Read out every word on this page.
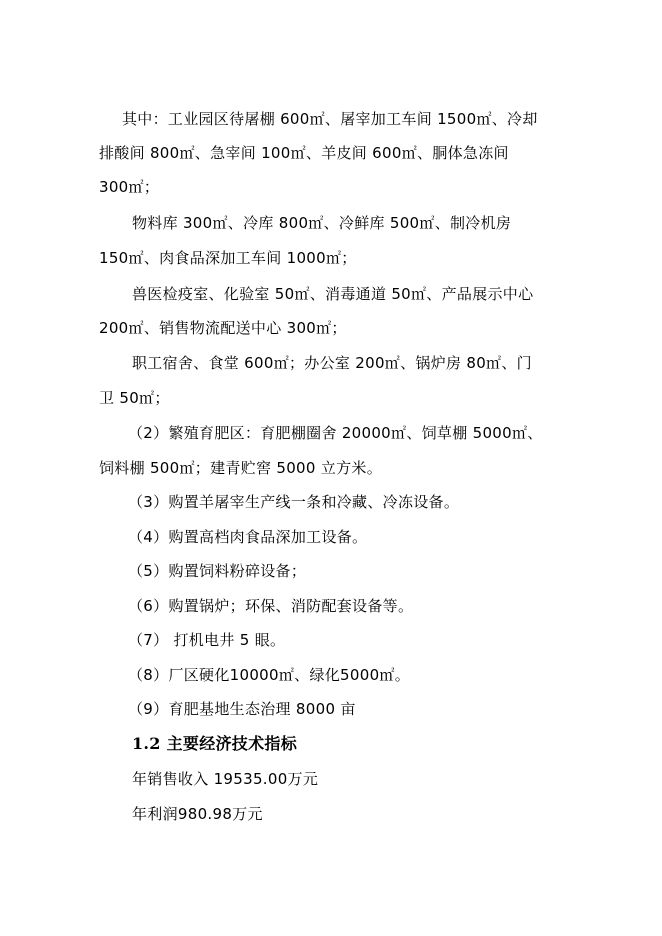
其中：工业园区待屠棚 600㎡、屠宰加工车间 1500㎡、冷却
排酸间 800㎡、急宰间 100㎡、羊皮间 600㎡、胴体急冻间
300㎡；
物料库 300㎡、冷库 800㎡、冷鲜库 500㎡、制冷机房
150㎡、肉食品深加工车间 1000㎡；
兽医检疫室、化验室 50㎡、消毒通道 50㎡、产品展示中心
200㎡、销售物流配送中心 300㎡；
职工宿舍、食堂 600㎡；办公室 200㎡、锅炉房 80㎡、门
卫 50㎡；
（2）繁殖育肥区：育肥棚圈舍 20000㎡、饲草棚 5000㎡、
饲料棚 500㎡；建青贮窖 5000 立方米。
（3）购置羊屠宰生产线一条和冷藏、冷冻设备。
（4）购置高档肉食品深加工设备。
（5）购置饲料粉碎设备；
（6）购置锅炉；环保、消防配套设备等。
（7） 打机电井 5 眼。
（8）厂区硬化10000㎡、绿化5000㎡。
（9）育肥基地生态治理 8000 亩
1.2 主要经济技术指标
年销售收入 19535.00万元
年利润980.98万元
